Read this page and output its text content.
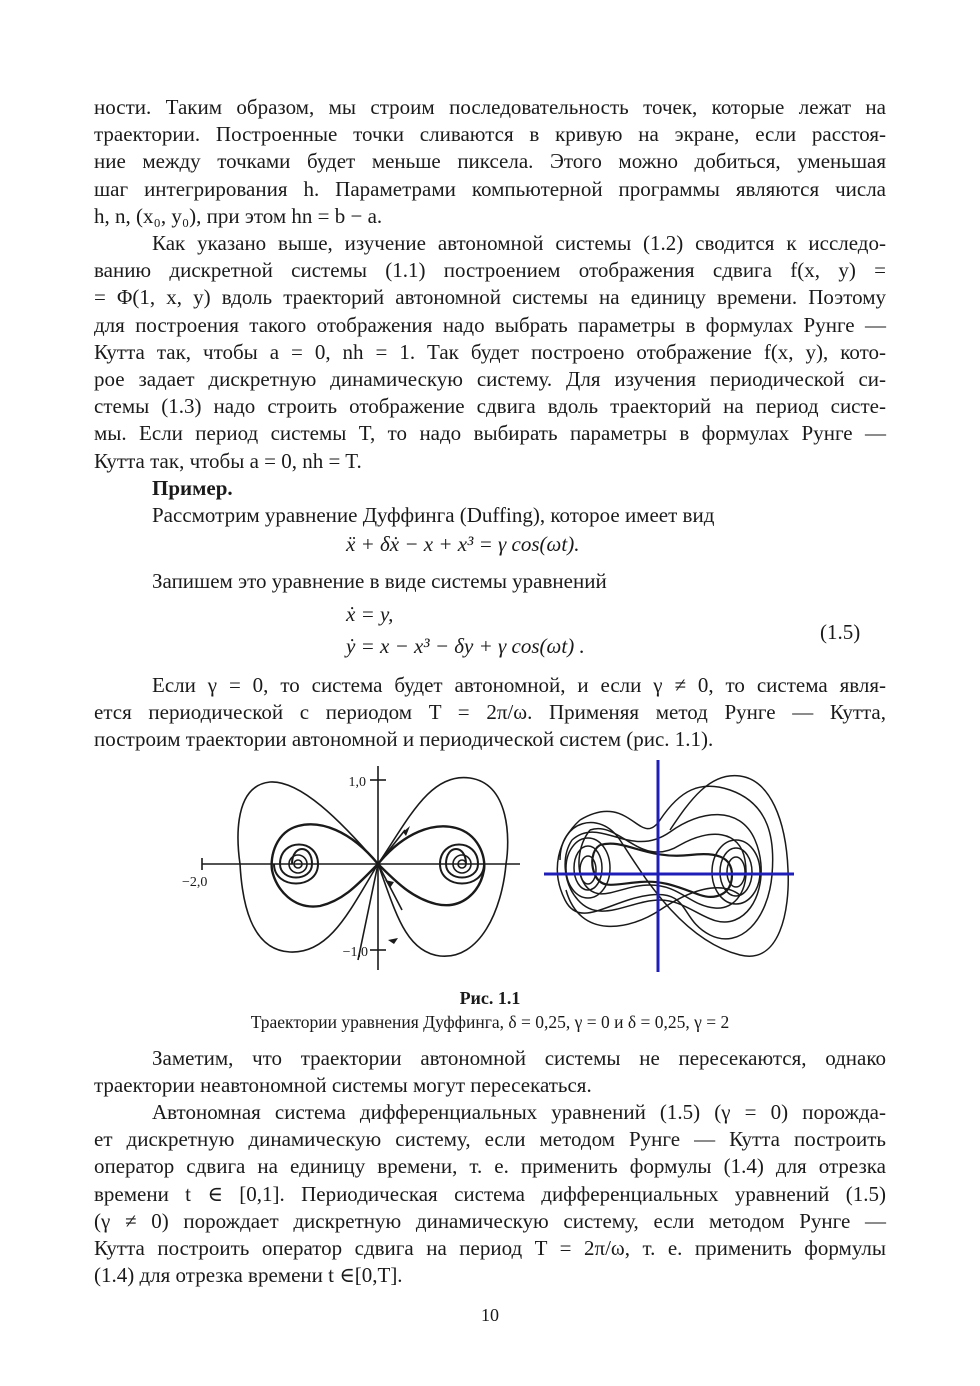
ности. Таким образом, мы строим последовательность точек, которые лежат на
траектории. Построенные точки сливаются в кривую на экране, если расстоя-
ние между точками будет меньше пиксела. Этого можно добиться, уменьшая
шаг интегрирования h. Параметрами компьютерной программы являются числа
h, n, (x₀, y₀), при этом hn = b − a.
Как указано выше, изучение автономной системы (1.2) сводится к исследо-
ванию дискретной системы (1.1) построением отображения сдвига f(x, y) =
= Φ(1, x, y) вдоль траекторий автономной системы на единицу времени. Поэтому
для построения такого отображения надо выбрать параметры в формулах Рунге —
Кутта так, чтобы a = 0, nh = 1. Так будет построено отображение f(x, y), кото-
рое задает дискретную динамическую систему. Для изучения периодической си-
стемы (1.3) надо строить отображение сдвига вдоль траекторий на период систе-
мы. Если период системы T, то надо выбирать параметры в формулах Рунге —
Кутта так, чтобы a = 0, nh = T.
Пример.
Рассмотрим уравнение Дуффинга (Duffing), которое имеет вид
ẍ + δẋ − x + x³ = γ cos(ωt).
Запишем это уравнение в виде системы уравнений
ẋ = y,
ẏ = x − x³ − δy + γ cos(ωt) .
(1.5)
Если γ = 0, то система будет автономной, и если γ ≠ 0, то система явля-
ется периодической с периодом T = 2π/ω. Применяя метод Рунге — Кутта,
построим траектории автономной и периодической систем (рис. 1.1).
1,0
−2,0
−1,0
Рис. 1.1
Траектории уравнения Дуффинга, δ = 0,25, γ = 0 и δ = 0,25, γ = 2
Заметим, что траектории автономной системы не пересекаются, однако
траектории неавтономной системы могут пересекаться.
Автономная система дифференциальных уравнений (1.5) (γ = 0) порожда-
ет дискретную динамическую систему, если методом Рунге — Кутта построить
оператор сдвига на единицу времени, т. е. применить формулы (1.4) для отрезка
времени t ∈ [0,1]. Периодическая система дифференциальных уравнений (1.5)
(γ ≠ 0) порождает дискретную динамическую систему, если методом Рунге —
Кутта построить оператор сдвига на период T = 2π/ω, т. е. применить формулы
(1.4) для отрезка времени t ∈[0,T].
10
